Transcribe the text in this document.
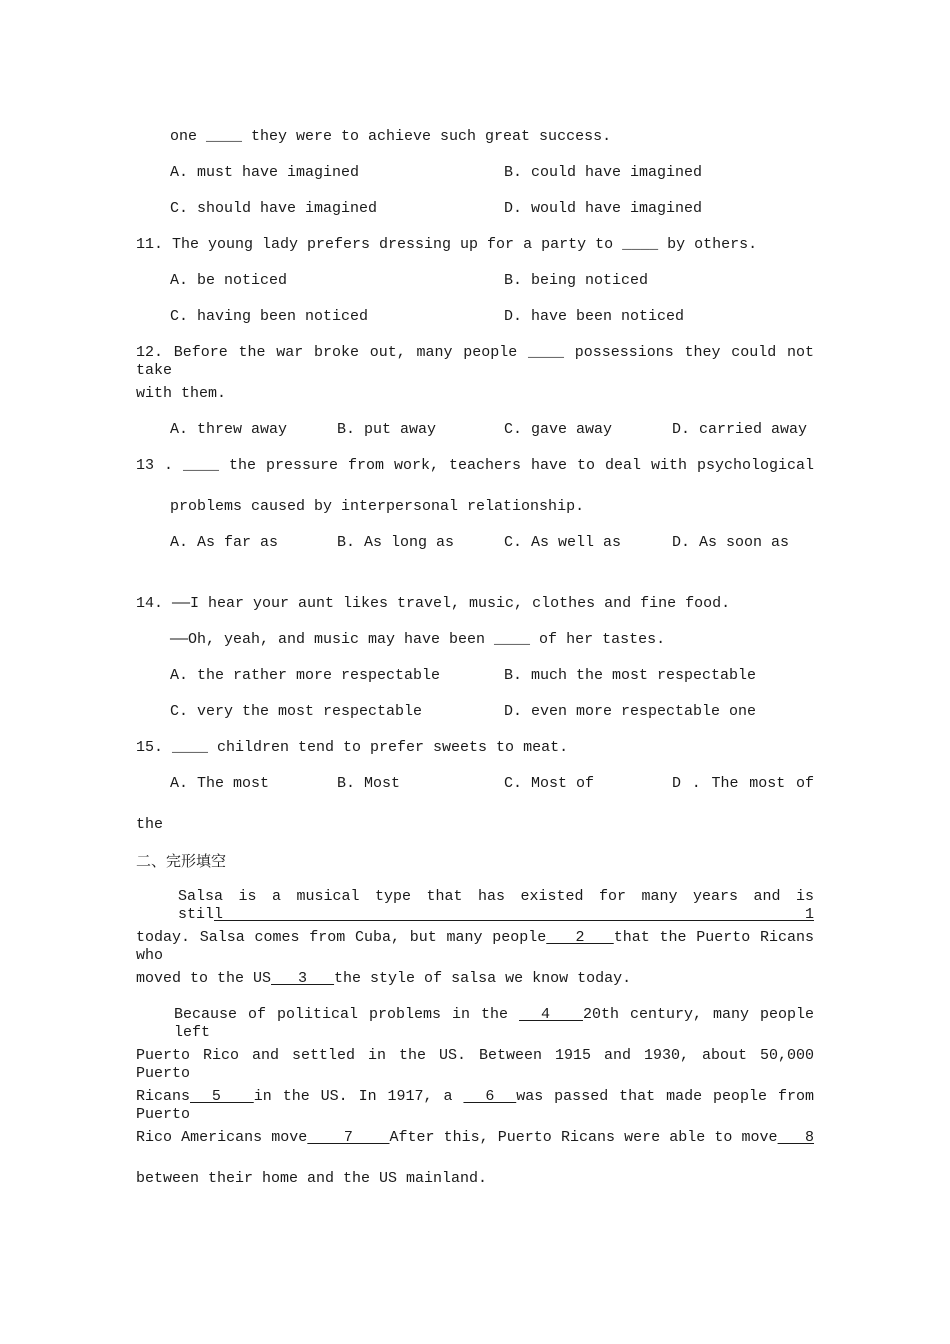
one ____ they were to achieve such great success.
A. must have imagined	B. could have imagined
C. should have imagined	D. would have imagined
11. The young lady prefers dressing up for a party to ____ by others.
A. be noticed	B. being noticed
C. having been noticed	D. have been noticed
12. Before the war broke out, many people ____ possessions they could not take
with them.
A. threw away	B. put away	C. gave away	D. carried away
13 . ____ the pressure from work, teachers have to deal with psychological
problems caused by interpersonal relationship.
A. As far as	B. As long as	C. As well as	D. As soon as
14. ——I hear your aunt likes travel, music, clothes and fine food.
——Oh, yeah, and music may have been ____ of her tastes.
A. the rather more respectable	B. much the most respectable
C. very the most respectable	D. even more respectable one
15. ____ children tend to prefer sweets to meat.
A. The most	B. Most	C. Most of	D . The most of
the
二、完形填空
Salsa is a musical type that has existed for many years and is still   1
today. Salsa comes from Cuba, but many people   2   that the Puerto Ricans who
moved to the US   3   the style of salsa we know today.
Because of political problems in the   4   20th century, many people left
Puerto Rico and settled in the US. Between 1915 and 1930, about 50,000 Puerto
Ricans  5   in the US. In 1917, a   6  was passed that made people from Puerto
Rico Americans move    7    After this, Puerto Ricans were able to move   8
between their home and the US mainland.
